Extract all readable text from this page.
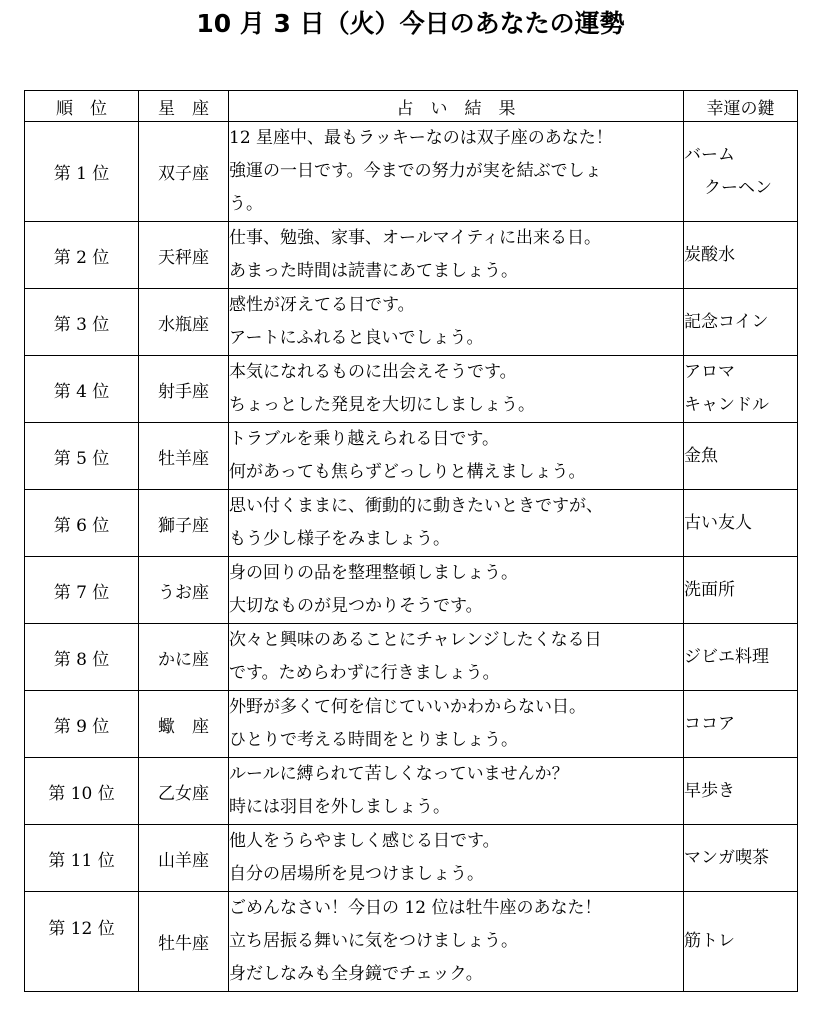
10 月 3 日（火）今日のあなたの運勢
順　位	星　座	占　い　結　果	幸運の鍵
第 1 位	双子座	12 星座中、最もラッキーなのは双子座のあなた！
強運の一日です。今までの努力が実を結ぶでしょ
う。	バーム
クーヘン

第 2 位	天秤座	仕事、勉強、家事、オールマイティに出来る日。
あまった時間は読書にあてましょう。	炭酸水

第 3 位	水瓶座	感性が冴えてる日です。
アートにふれると良いでしょう。	記念コイン

第 4 位	射手座	本気になれるものに出会えそうです。
ちょっとした発見を大切にしましょう。	アロマ
キャンドル

第 5 位	牡羊座	トラブルを乗り越えられる日です。
何があっても焦らずどっしりと構えましょう。	金魚

第 6 位	獅子座	思い付くままに、衝動的に動きたいときですが、
もう少し様子をみましょう。	古い友人

第 7 位	うお座	身の回りの品を整理整頓しましょう。
大切なものが見つかりそうです。	洗面所

第 8 位	かに座	次々と興味のあることにチャレンジしたくなる日
です。ためらわずに行きましょう。	ジビエ料理

第 9 位	蠍　座	外野が多くて何を信じていいかわからない日。
ひとりで考える時間をとりましょう。	ココア

第 10 位	乙女座	ルールに縛られて苦しくなっていませんか？
時には羽目を外しましょう。	早歩き

第 11 位	山羊座	他人をうらやましく感じる日です。
自分の居場所を見つけましょう。	マンガ喫茶

第 12 位	牡牛座	ごめんなさい！今日の 12 位は牡牛座のあなた！
立ち居振る舞いに気をつけましょう。
身だしなみも全身鏡でチェック。	筋トレ
